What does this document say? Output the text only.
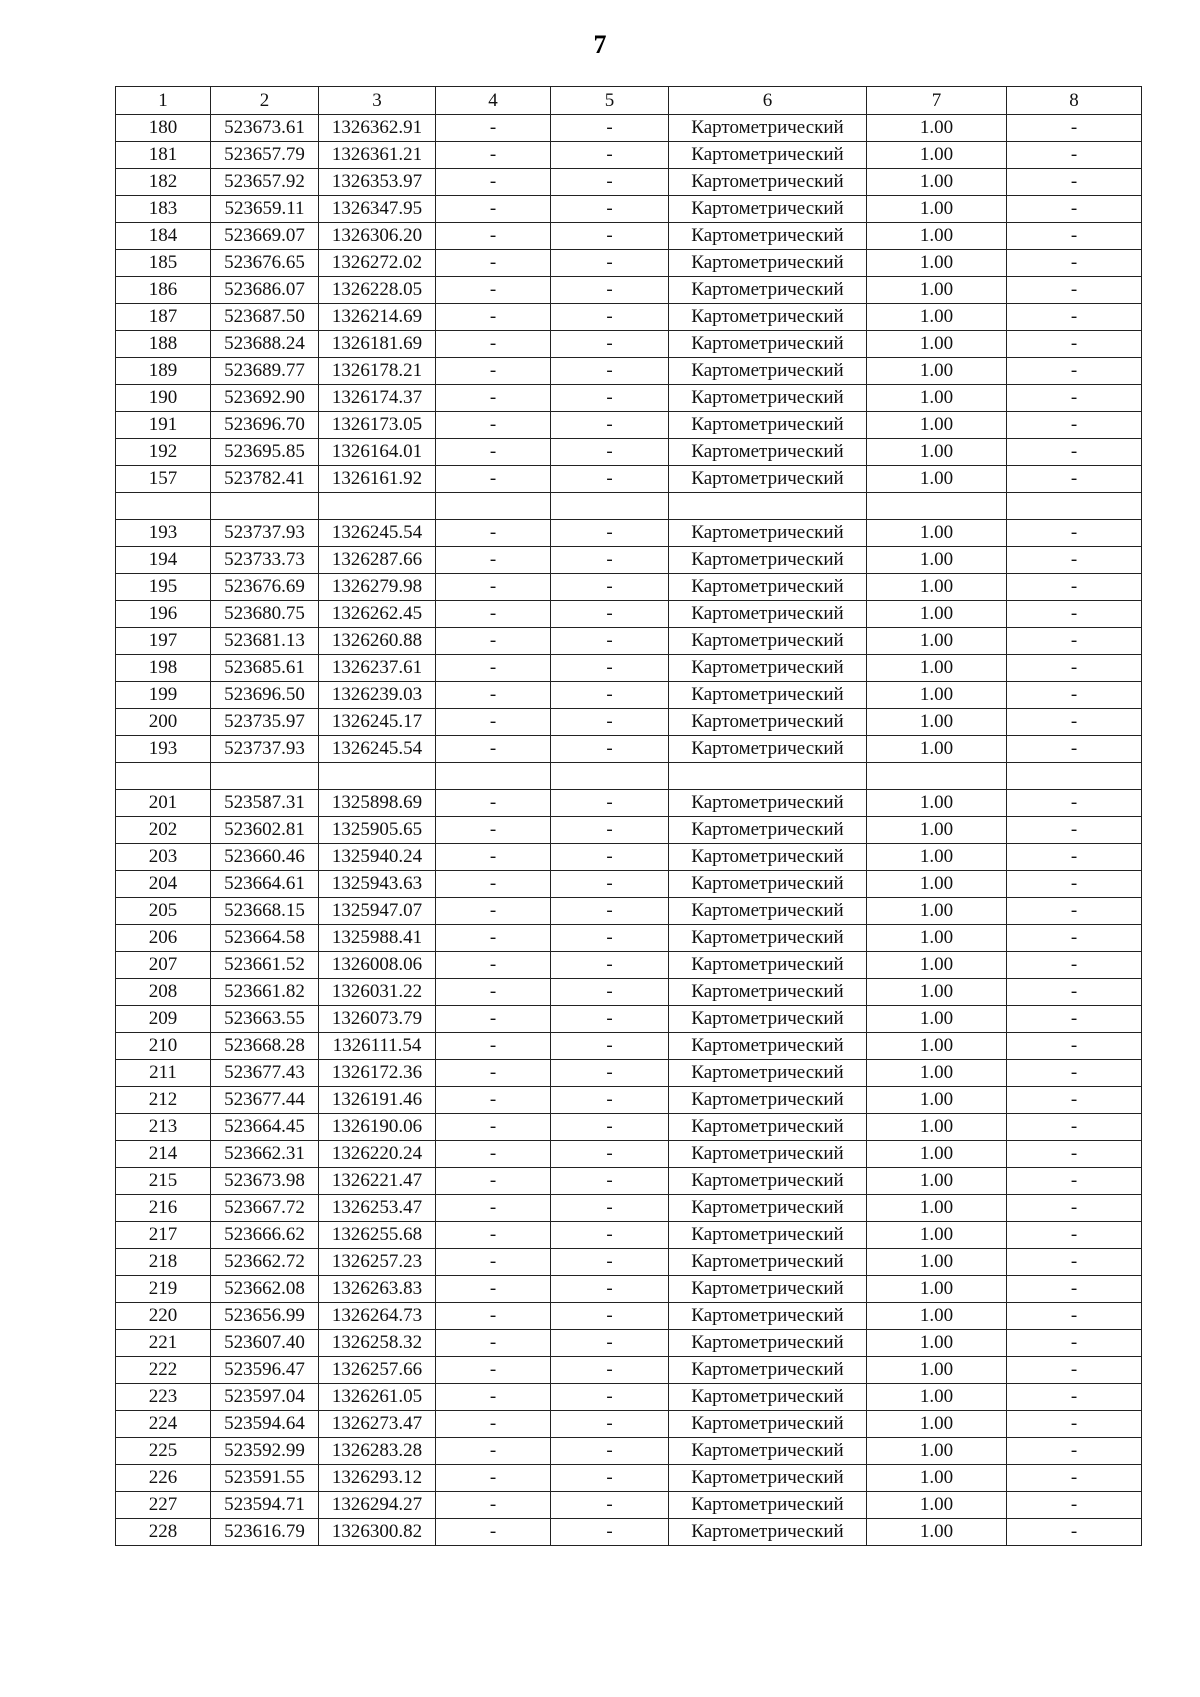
7
1	2	3	4	5	6	7	8
180	523673.61	1326362.91	-	-	Картометрический	1.00	-
181	523657.79	1326361.21	-	-	Картометрический	1.00	-
182	523657.92	1326353.97	-	-	Картометрический	1.00	-
183	523659.11	1326347.95	-	-	Картометрический	1.00	-
184	523669.07	1326306.20	-	-	Картометрический	1.00	-
185	523676.65	1326272.02	-	-	Картометрический	1.00	-
186	523686.07	1326228.05	-	-	Картометрический	1.00	-
187	523687.50	1326214.69	-	-	Картометрический	1.00	-
188	523688.24	1326181.69	-	-	Картометрический	1.00	-
189	523689.77	1326178.21	-	-	Картометрический	1.00	-
190	523692.90	1326174.37	-	-	Картометрический	1.00	-
191	523696.70	1326173.05	-	-	Картометрический	1.00	-
192	523695.85	1326164.01	-	-	Картометрический	1.00	-
157	523782.41	1326161.92	-	-	Картометрический	1.00	-

193	523737.93	1326245.54	-	-	Картометрический	1.00	-
194	523733.73	1326287.66	-	-	Картометрический	1.00	-
195	523676.69	1326279.98	-	-	Картометрический	1.00	-
196	523680.75	1326262.45	-	-	Картометрический	1.00	-
197	523681.13	1326260.88	-	-	Картометрический	1.00	-
198	523685.61	1326237.61	-	-	Картометрический	1.00	-
199	523696.50	1326239.03	-	-	Картометрический	1.00	-
200	523735.97	1326245.17	-	-	Картометрический	1.00	-
193	523737.93	1326245.54	-	-	Картометрический	1.00	-

201	523587.31	1325898.69	-	-	Картометрический	1.00	-
202	523602.81	1325905.65	-	-	Картометрический	1.00	-
203	523660.46	1325940.24	-	-	Картометрический	1.00	-
204	523664.61	1325943.63	-	-	Картометрический	1.00	-
205	523668.15	1325947.07	-	-	Картометрический	1.00	-
206	523664.58	1325988.41	-	-	Картометрический	1.00	-
207	523661.52	1326008.06	-	-	Картометрический	1.00	-
208	523661.82	1326031.22	-	-	Картометрический	1.00	-
209	523663.55	1326073.79	-	-	Картометрический	1.00	-
210	523668.28	1326111.54	-	-	Картометрический	1.00	-
211	523677.43	1326172.36	-	-	Картометрический	1.00	-
212	523677.44	1326191.46	-	-	Картометрический	1.00	-
213	523664.45	1326190.06	-	-	Картометрический	1.00	-
214	523662.31	1326220.24	-	-	Картометрический	1.00	-
215	523673.98	1326221.47	-	-	Картометрический	1.00	-
216	523667.72	1326253.47	-	-	Картометрический	1.00	-
217	523666.62	1326255.68	-	-	Картометрический	1.00	-
218	523662.72	1326257.23	-	-	Картометрический	1.00	-
219	523662.08	1326263.83	-	-	Картометрический	1.00	-
220	523656.99	1326264.73	-	-	Картометрический	1.00	-
221	523607.40	1326258.32	-	-	Картометрический	1.00	-
222	523596.47	1326257.66	-	-	Картометрический	1.00	-
223	523597.04	1326261.05	-	-	Картометрический	1.00	-
224	523594.64	1326273.47	-	-	Картометрический	1.00	-
225	523592.99	1326283.28	-	-	Картометрический	1.00	-
226	523591.55	1326293.12	-	-	Картометрический	1.00	-
227	523594.71	1326294.27	-	-	Картометрический	1.00	-
228	523616.79	1326300.82	-	-	Картометрический	1.00	-
